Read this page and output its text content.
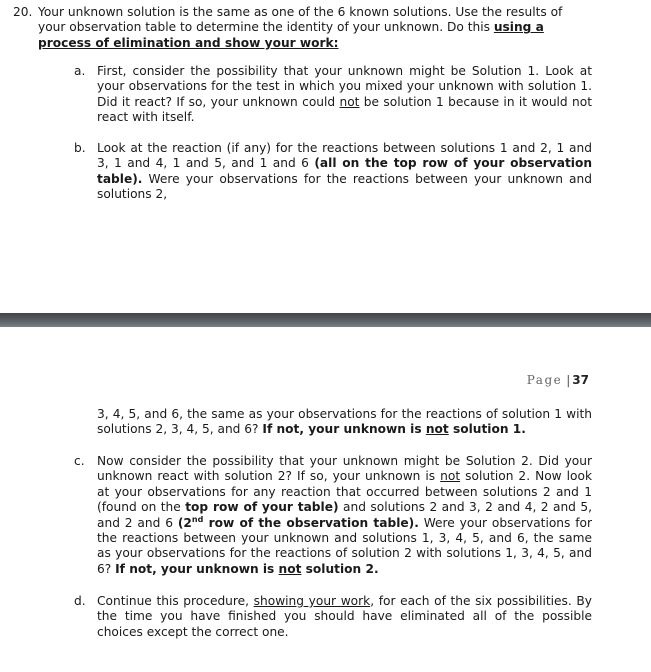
20. Your unknown solution is the same as one of the 6 known solutions. Use the results of your observation table to determine the identity of your unknown. Do this using a process of elimination and show your work:
a. First, consider the possibility that your unknown might be Solution 1. Look at your observations for the test in which you mixed your unknown with solution 1. Did it react? If so, your unknown could not be solution 1 because in it would not react with itself.
b. Look at the reaction (if any) for the reactions between solutions 1 and 2, 1 and 3, 1 and 4, 1 and 5, and 1 and 6 (all on the top row of your observation table). Were your observations for the reactions between your unknown and solutions 2,
Page | 37
3, 4, 5, and 6, the same as your observations for the reactions of solution 1 with solutions 2, 3, 4, 5, and 6? If not, your unknown is not solution 1.
c. Now consider the possibility that your unknown might be Solution 2. Did your unknown react with solution 2? If so, your unknown is not solution 2. Now look at your observations for any reaction that occurred between solutions 2 and 1 (found on the top row of your table) and solutions 2 and 3, 2 and 4, 2 and 5, and 2 and 6 (2nd row of the observation table). Were your observations for the reactions between your unknown and solutions 1, 3, 4, 5, and 6, the same as your observations for the reactions of solution 2 with solutions 1, 3, 4, 5, and 6? If not, your unknown is not solution 2.
d. Continue this procedure, showing your work, for each of the six possibilities. By the time you have finished you should have eliminated all of the possible choices except the correct one.
